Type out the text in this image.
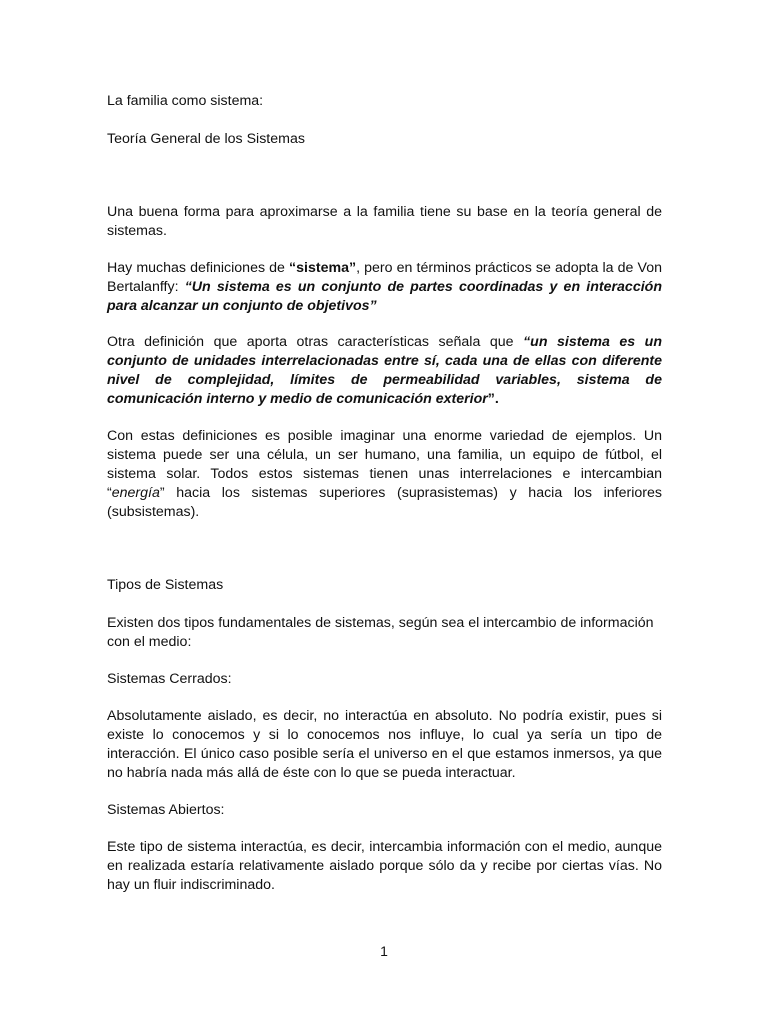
La familia como sistema:

Teoría General de los Sistemas

Una buena forma para aproximarse a la familia tiene su base en la teoría general de sistemas.

Hay muchas definiciones de “sistema”, pero en términos prácticos se adopta la de Von Bertalanffy: “Un sistema es un conjunto de partes coordinadas y en interacción para alcanzar un conjunto de objetivos”

Otra definición que aporta otras características señala que “un sistema es un conjunto de unidades interrelacionadas entre sí, cada una de ellas con diferente nivel de complejidad, límites de permeabilidad variables, sistema de comunicación interno y medio de comunicación exterior”.

Con estas definiciones es posible imaginar una enorme variedad de ejemplos. Un sistema puede ser una célula, un ser humano, una familia, un equipo de fútbol, el sistema solar. Todos estos sistemas tienen unas interrelaciones e intercambian “energía” hacia los sistemas superiores (suprasistemas) y hacia los inferiores (subsistemas).

Tipos de Sistemas

Existen dos tipos fundamentales de sistemas, según sea el intercambio de información con el medio:

Sistemas Cerrados:

Absolutamente aislado, es decir, no interactúa en absoluto. No podría existir, pues si existe lo conocemos y si lo conocemos nos influye, lo cual ya sería un tipo de interacción. El único caso posible sería el universo en el que estamos inmersos, ya que no habría nada más allá de éste con lo que se pueda interactuar.

Sistemas Abiertos:

Este tipo de sistema interactúa, es decir, intercambia información con el medio, aunque en realizada estaría relativamente aislado porque sólo da y recibe por ciertas vías. No hay un fluir indiscriminado.

1
